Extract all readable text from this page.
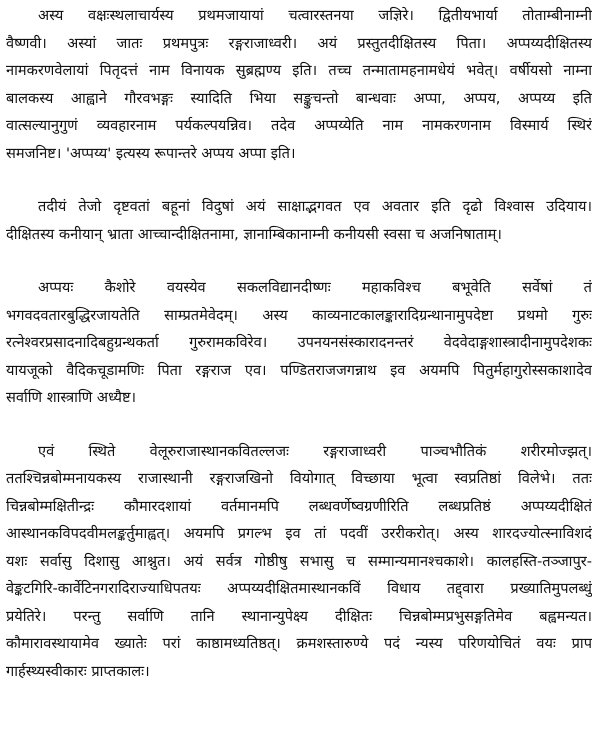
अस्य वक्षःस्थलाचार्यस्य प्रथमजायायां चत्वारस्तनया जज्ञिरे। द्वितीयभार्या तोताम्बीनाम्नी
वैष्णवी। अस्यां जातः प्रथमपुत्रः रङ्गराजाध्वरी। अयं प्रस्तुतदीक्षितस्य पिता। अप्पय्यदीक्षितस्य
नामकरणवेलायां पितृदत्तं नाम विनायक सुब्रह्मण्य इति। तच्च तन्मातामहनामधेयं भवेत्। वर्षीयसो नाम्ना
बालकस्य आह्वाने गौरवभङ्गः स्यादिति भिया सङ्कुचन्तो बान्धवाः अप्पा, अप्पय, अप्पय्य इति
वात्सल्यानुगुणं व्यवहारनाम पर्यकल्पयन्निव। तदेव अप्पय्येति नाम नामकरणनाम विस्मार्य स्थिरं
समजनिष्ट। 'अप्पय्य' इत्यस्य रूपान्तरे अप्पय अप्पा इति।
तदीयं तेजो दृष्टवतां बहूनां विदुषां अयं साक्षाद्भगवत एव अवतार इति दृढो विश्वास उदियाय।
दीक्षितस्य कनीयान् भ्राता आच्चान्दीक्षितनामा, ज्ञानाम्बिकानाम्नी कनीयसी स्वसा च अजनिषाताम्।
अप्पयः कैशोरे वयस्येव सकलविद्यानदीष्णः महाकविश्च बभूवेति सर्वेषां तं
भगवदवतारबुद्धिरजायतेति साम्प्रतमेवेदम्। अस्य काव्यनाटकालङ्कारादिग्रन्थानामुपदेष्टा प्रथमो गुरुः
रत्नेश्वरप्रसादनादिबहुग्रन्थकर्ता गुरुरामकविरेव। उपनयनसंस्कारादनन्तरं वेदवेदाङ्गशास्त्रादीनामुपदेशकः
यायजूको वैदिकचूडामणिः पिता रङ्गराज एव। पण्डितराजजगन्नाथ इव अयमपि पितुर्महागुरोस्सकाशादेव
सर्वाणि शास्त्राणि अध्यैष्ट।
एवं स्थिते वेलूरुराजास्थानकवितल्लजः रङ्गराजाध्वरी पाञ्चभौतिकं शरीरमोज्झत्।
ततश्चिन्नबोम्मनायकस्य राजास्थानी रङ्गराजखिनो वियोगात् विच्छाया भूत्वा स्वप्रतिष्ठां विलेभे। ततः
चिन्नबोम्मक्षितीन्द्रः कौमारदशायां वर्तमानमपि लब्धवर्णेष्वग्रणीरिति लब्धप्रतिष्ठं अप्पय्यदीक्षितं
आस्थानकविपदवीमलङ्कर्तुमाह्वत्। अयमपि प्रगल्भ इव तां पदवीं उररीकरोत्। अस्य शारदज्योत्स्नाविशदं
यशः सर्वासु दिशासु आश्नुत। अयं सर्वत्र गोष्ठीषु सभासु च सम्मान्यमानश्चकाशे। कालहस्ति-तञ्जापुर-
वेङ्कटगिरि-कार्वेटिनगरादिराज्याधिपतयः अप्पय्यदीक्षितमास्थानकविं विधाय तद्द्वारा प्रख्यातिमुपलब्धुं
प्रयेतिरे। परन्तु सर्वाणि तानि स्थानान्युपेक्ष्य दीक्षितः चिन्नबोम्मप्रभुसङ्गतिमेव बह्वमन्यत।
कौमारावस्थायामेव ख्यातेः परां काष्ठामध्यतिष्ठत्। क्रमशस्तारुण्ये पदं न्यस्य परिणयोचितं वयः प्राप
गार्हस्थ्यस्वीकारः प्राप्तकालः।
